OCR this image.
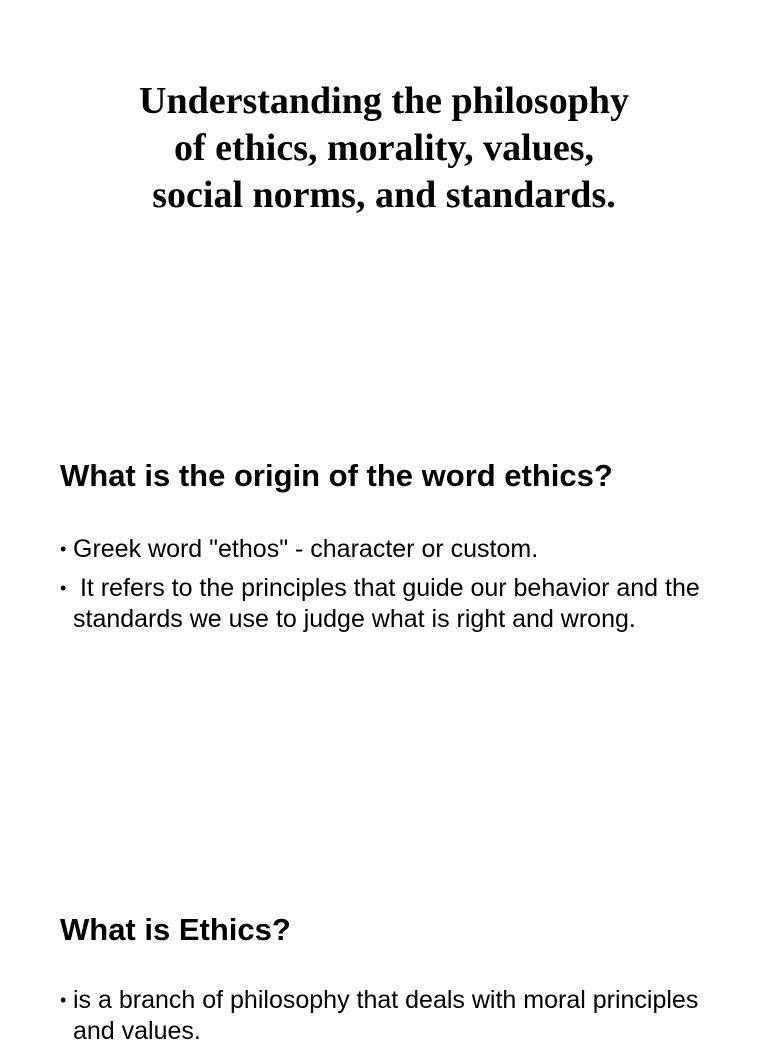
Understanding the philosophy
of ethics, morality, values,
social norms, and standards.
What is the origin of the word ethics?
• Greek word "ethos" - character or custom.
• It refers to the principles that guide our behavior and the standards we use to judge what is right and wrong.
What is Ethics?
• is a branch of philosophy that deals with moral principles and values.
